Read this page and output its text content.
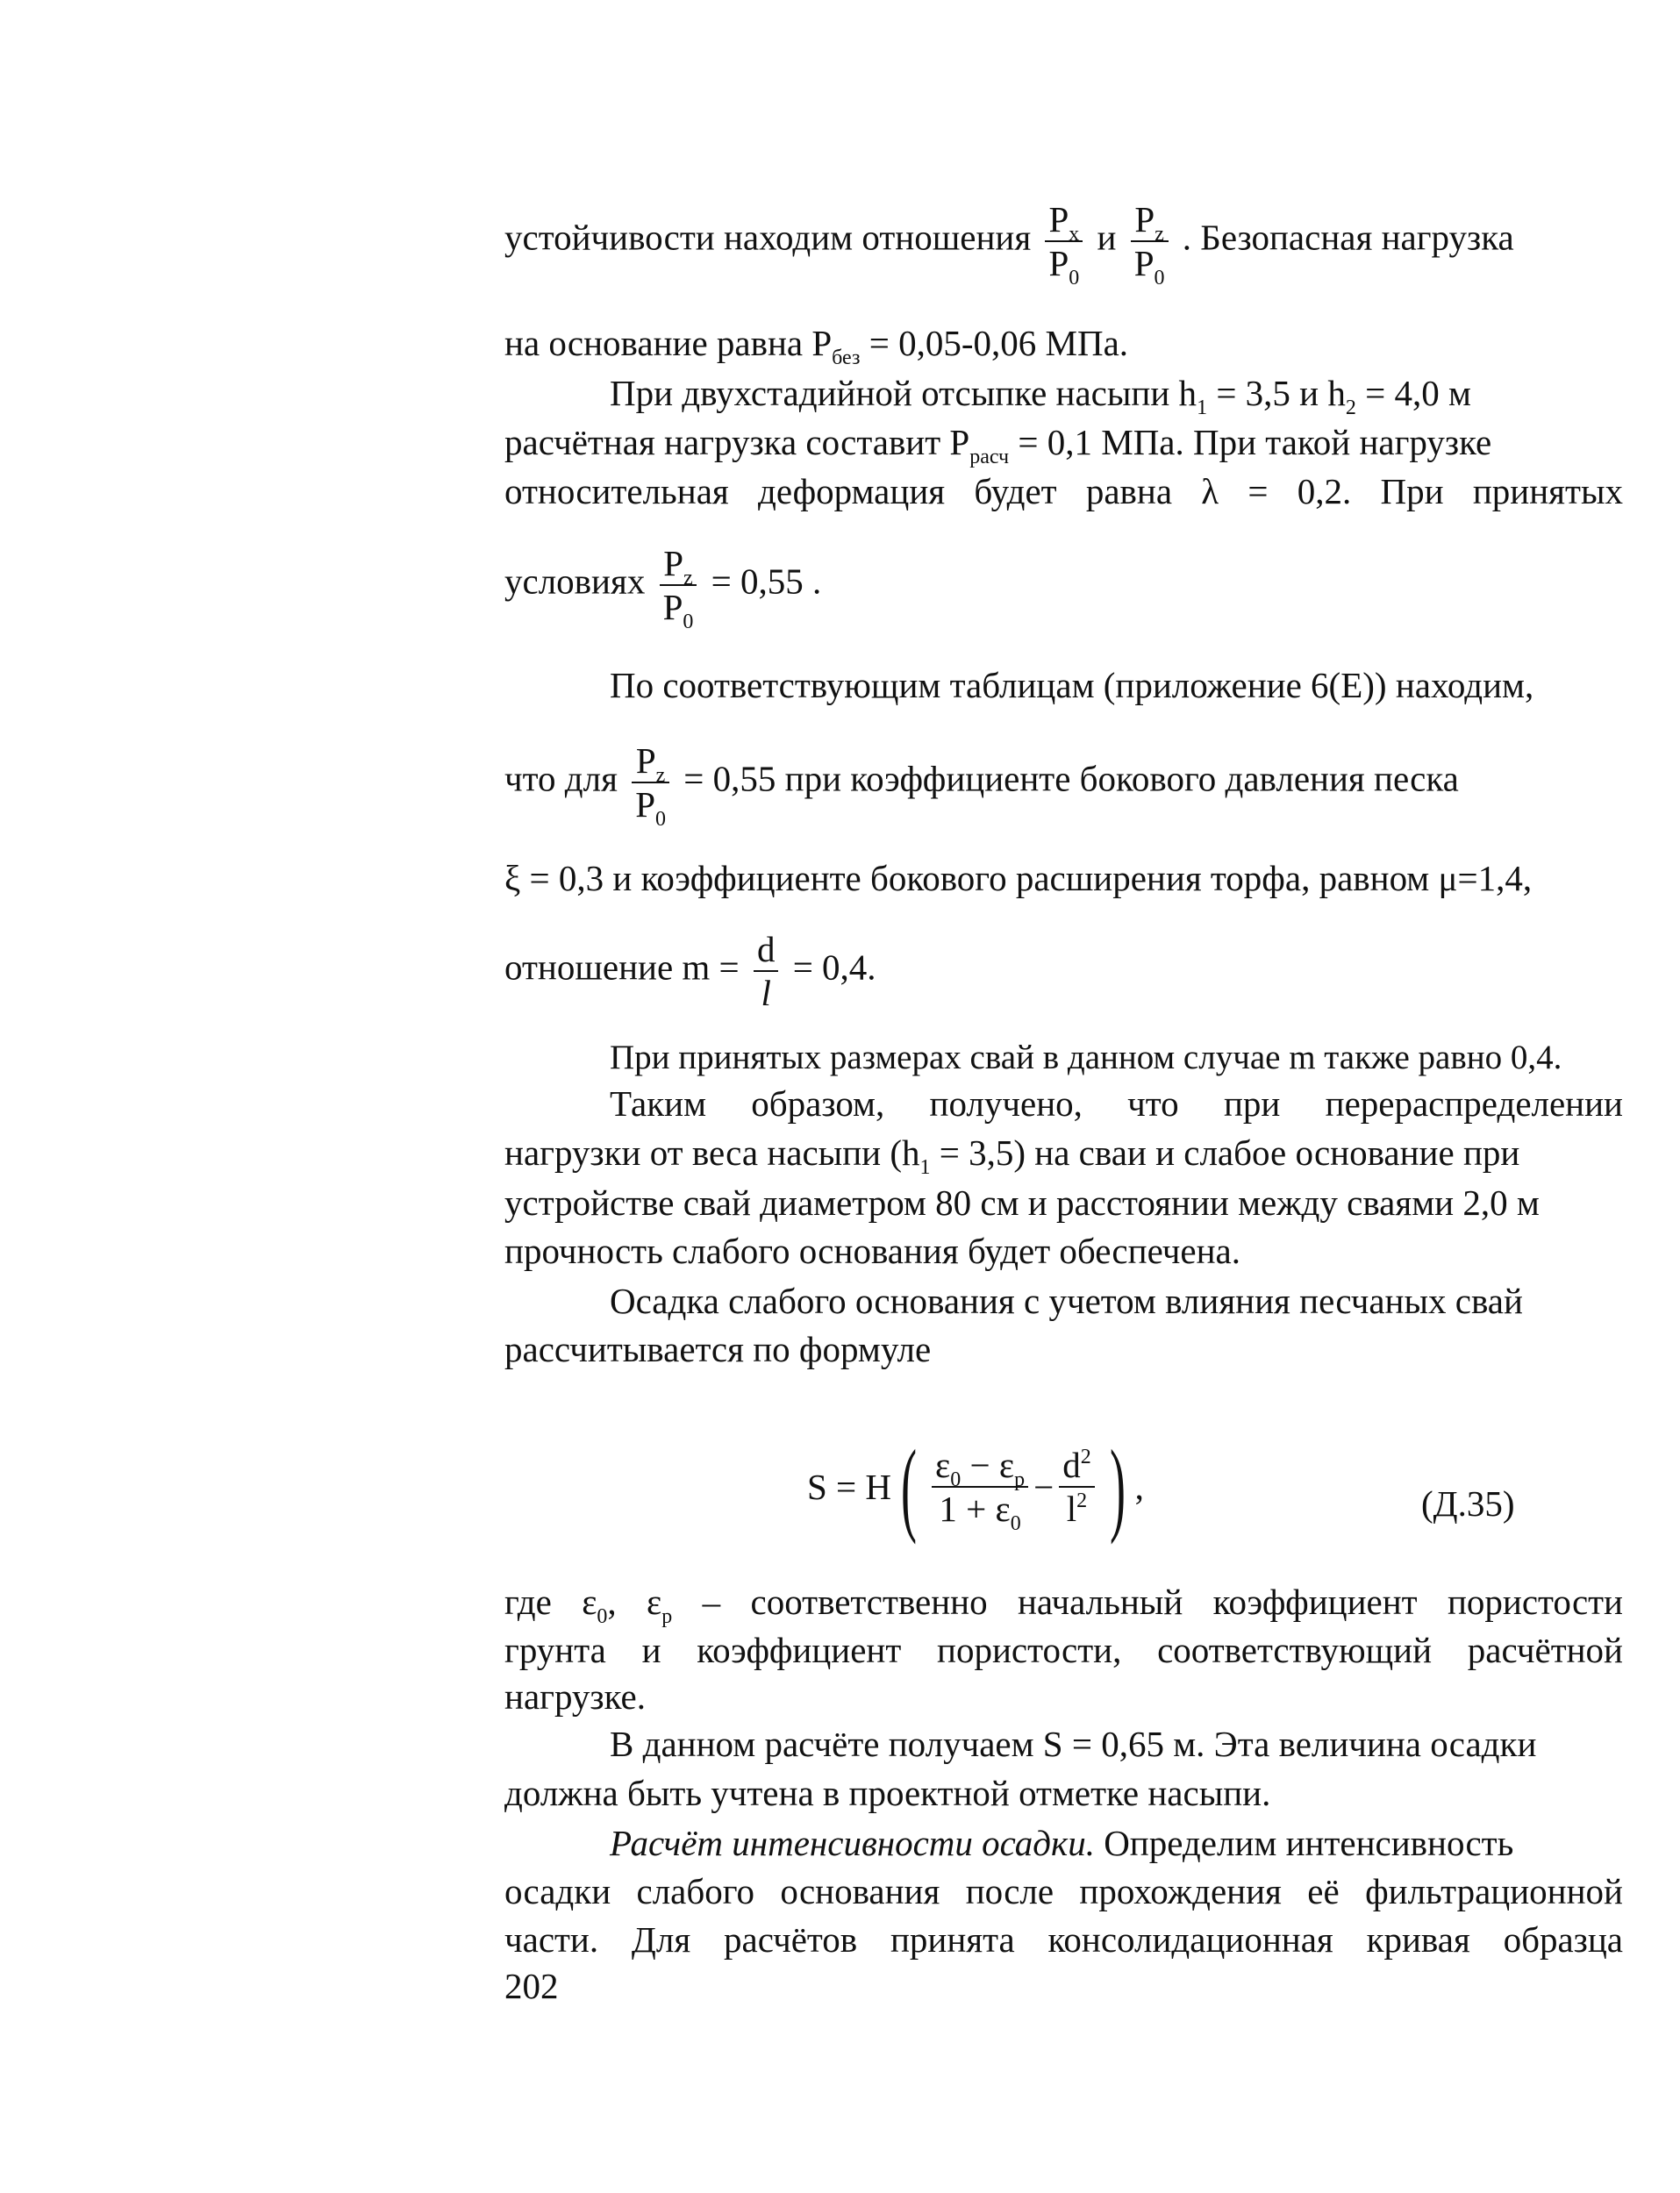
устойчивости находим отношения $\frac{P_x}{P_0}$ и $\frac{P_z}{P_0}$ . Безопасная нагрузка
на основание равна $P_{без} = 0,05-0,06$ МПа.
При двухстадийной отсыпке насыпи $h_1 = 3,5$ и $h_2 = 4,0$ м
расчётная нагрузка составит $P_{расч} = 0,1$ МПа. При такой нагрузке
относительная деформация будет равна λ = 0,2. При принятых
условиях $\frac{P_z}{P_0} = 0,55$ .
По соответствующим таблицам (приложение 6(Е)) находим,
что для $\frac{P_z}{P_0} = 0,55$ при коэффициенте бокового давления песка
ξ = 0,3 и коэффициенте бокового расширения торфа, равном μ=1,4,
отношение $m = \frac{d}{l} = 0,4$.
При принятых размерах свай в данном случае m также равно 0,4.
Таким образом, получено, что при перераспределении
нагрузки от веса насыпи $(h_1 = 3,5)$ на сваи и слабое основание при
устройстве свай диаметром 80 см и расстоянии между сваями 2,0 м
прочность слабого основания будет обеспечена.
Осадка слабого основания с учетом влияния песчаных свай
рассчитывается по формуле
$S = H( \frac{\varepsilon_0 - \varepsilon_p}{1 + \varepsilon_0} - \frac{d^2}{l^2}$ ) ,	(Д.35)
где $\varepsilon_0$, $\varepsilon_p$ – соответственно начальный коэффициент пористости
грунта и коэффициент пористости, соответствующий расчётной
нагрузке.
В данном расчёте получаем S = 0,65 м. Эта величина осадки
должна быть учтена в проектной отметке насыпи.
Расчёт интенсивности осадки. Определим интенсивность
осадки слабого основания после прохождения её фильтрационной
части. Для расчётов принята консолидационная кривая образца
202
